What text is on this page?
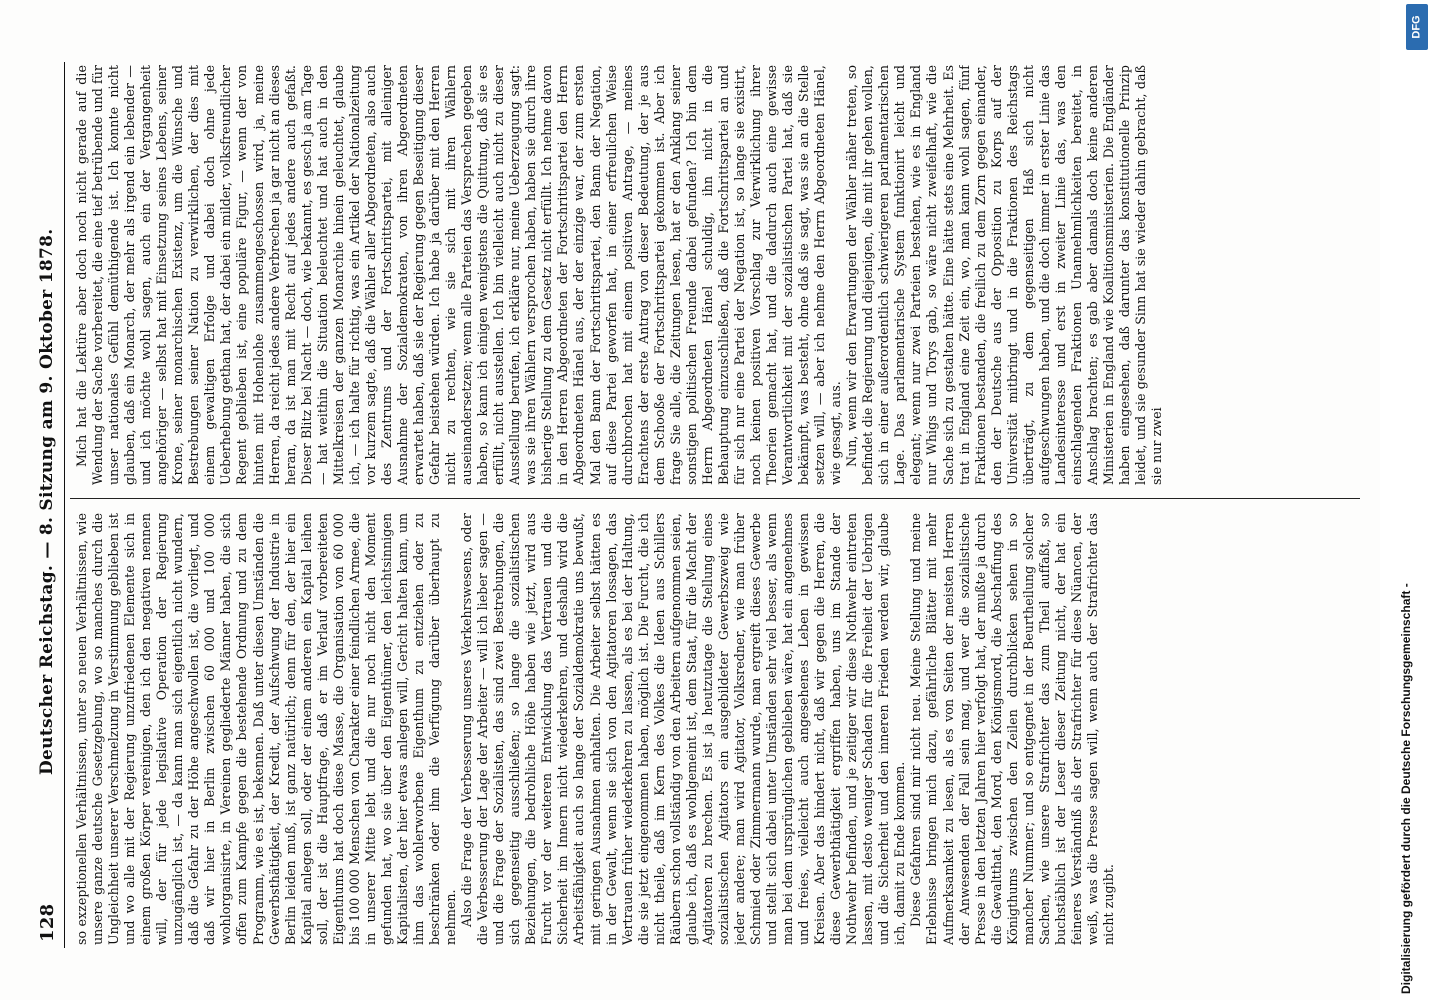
128
Deutscher Reichstag. — 8. Sitzung am 9. Oktober 1878. so exzeptionellen Verhältnissen, unter so neuen Verhältnissen, wie unsere ganze deutsche Gesetzgebung, wo so manches durch die Ungleichheit unserer Verschmelzung in Verstimmung geblieben ist und wo alle mit der Regierung unzufriedenen Elemente sich in einem großen Körper vereinigen, den ich den negativen nennen will, der für jede legislative Operation der Regierung unzugänglich ist, — da kann man sich eigentlich nicht wundern, daß die Gefahr zu der Höhe angeschwollen ist, die vorliegt, und daß wir hier in Berlin zwischen 60 000 und 100 000 wohlorganisirte, in Vereinen gegliederte Männer haben, die sich offen zum Kampfe gegen die bestehende Ordnung und zu dem Programm, wie es ist, bekennen. Daß unter diesen Umständen die Gewerbsthätigkeit, der Kredit, der Aufschwung der Industrie in Berlin leiden muß, ist ganz natürlich; denn für den, der hier ein Kapital anlegen soll, oder der einem anderen ein Kapital leihen soll, der ist die Hauptfrage, daß er im Verlauf vorbereiteten Eigenthums hat doch diese Masse, die Organisation von 60 000 bis 100 000 Menschen von Charakter einer feindlichen Armee, die in unserer Mitte lebt und die nur noch nicht den Moment gefunden hat, wo sie über den Eigenthümer, den leichtsinnigen Kapitalisten, der hier etwas anlegen will, Gericht halten kann, um ihm das wohlerworbene Eigenthum zu entziehen oder zu beschränken oder ihm die Verfügung darüber überhaupt zu nehmen. Also die Frage der Verbesserung unseres Verkehrswesens, oder die Verbesserung der Lage der Arbeiter — will ich lieber sagen — und die Frage der Sozialisten, das sind zwei Bestrebungen, die sich gegenseitig ausschließen; so lange die sozialistischen Beziehungen, die bedrohliche Höhe haben wie jetzt, wird aus Furcht vor der weiteren Entwicklung das Vertrauen und die Sicherheit im Innern nicht wiederkehren, und deshalb wird die Arbeitsfähigkeit auch so lange der Sozialdemokratie uns bewußt, mit geringen Ausnahmen anhalten. Die Arbeiter selbst hätten es in der Gewalt, wenn sie sich von den Agitatoren lossagen, das Vertrauen früher wiederkehren zu lassen, als es bei der Haltung, die sie jetzt eingenommen haben, möglich ist. Die Furcht, die ich nicht theile, daß im Kern des Volkes die Ideen aus Schillers Räubern schon vollständig von den Arbeitern aufgenommen seien, glaube ich, daß es wohlgemeint ist, dem Staat, für die Macht der Agitatoren zu brechen. Es ist ja heutzutage die Stellung eines sozialistischen Agitators ein ausgebildeter Gewerbszweig wie jeder andere; man wird Agitator, Volksredner, wie man früher Schmied oder Zimmermann wurde, man ergreift dieses Gewerbe und stellt sich dabei unter Umständen sehr viel besser, als wenn man bei dem ursprünglichen geblieben wäre, hat ein angenehmes und freies, vielleicht auch angesehenes Leben in gewissen Kreisen. Aber das hindert nicht, daß wir gegen die Herren, die diese Gewerbthätigkeit ergriffen haben, uns im Stande der Nothwehr befinden, und je zeitiger wir diese Nothwehr eintreten lassen, mit desto weniger Schaden für die Freiheit der Uebrigen und die Sicherheit und den inneren Frieden werden wir, glaube ich, damit zu Ende kommen. Diese Gefahren sind mir nicht neu. Meine Stellung und meine Erlebnisse bringen mich dazu, gefährliche Blätter mit mehr Aufmerksamkeit zu lesen, als es von Seiten der meisten Herren der Anwesenden der Fall sein mag, und wer die sozialistische Presse in den letzten Jahren hier verfolgt hat, der mußte ja durch die Gewaltthat, den Mord, den Königsmord, die Abschaffung des Königthums zwischen den Zeilen durchblicken sehen in so mancher Nummer; und so entgegnet in der Beurtheilung solcher Sachen, wie unsere Strafrichter das zum Theil auffaßt, so buchstäblich ist der Leser dieser Zeitung nicht, der hat ein feineres Verständniß als der Strafrichter für diese Nüancen, der weiß, was die Presse sagen will, wenn auch der Strafrichter das nicht zugibt.

Mich hat die Lektüre aber doch noch nicht gerade auf die Wendung der Sache vorbereitet, die eine tief betrübende und für unser nationales Gefühl demüthigende ist. Ich konnte nicht glauben, daß ein Monarch, der mehr als irgend ein lebender — und ich möchte wohl sagen, auch ein der Vergangenheit angehöriger — selbst hat mit Einsetzung seines Lebens, seiner Krone, seiner monarchischen Existenz, um die Wünsche und Bestrebungen seiner Nation zu verwirklichen, der dies mit einem gewaltigen Erfolge und dabei doch ohne jede Ueberhebung gethan hat, der dabei ein milder, volksfreundlicher Regent geblieben ist, eine populäre Figur, — wenn der von hinten mit Hohenlohe zusammengeschossen wird, ja, meine Herren, da reicht jedes andere Verbrechen ja gar nicht an dieses heran, da ist man mit Recht auf jedes andere auch gefaßt. Dieser Blitz bei Nacht — doch, wie bekannt, es gesch ja am Tage — hat weithin die Situation beleuchtet und hat auch in den Mittelkreisen der ganzen Monarchie hinein geleuchtet, glaube ich, — ich halte für richtig, was ein Artikel der Nationalzeitung vor kurzem sagte, daß die Wähler aller Abgeordneten, also auch des Zentrums und der Fortschrittspartei, mit alleiniger Ausnahme der Sozialdemokraten, von ihren Abgeordneten erwartet haben, daß sie der Regierung gegen Beseitigung dieser Gefahr beistehen würden. Ich habe ja darüber mit den Herren nicht zu rechten, wie sie sich mit ihren Wählern auseinandersetzen; wenn alle Parteien das Versprechen gegeben haben, so kann ich einigen wenigstens die Quittung, daß sie es erfüllt, nicht ausstellen. Ich bin vielleicht auch nicht zu dieser Ausstellung berufen, ich erkläre nur, meine Ueberzeugung sagt: was sie ihren Wählern versprochen haben, haben sie durch ihre bisherige Stellung zu dem Gesetz nicht erfüllt. Ich nehme davon in den Herren Abgeordneten der Fortschrittspartei den Herrn Abgeordneten Hänel aus, der der einzige war, der zum ersten Mal den Bann der Fortschrittspartei, den Bann der Negation, auf diese Partei geworfen hat, in einer erfreulichen Weise durchbrochen hat mit einem positiven Antrage, — meines Erachtens der erste Antrag von dieser Bedeutung, der je aus dem Schooße der Fortschrittspartei gekommen ist. Aber ich frage Sie alle, die Zeitungen lesen, hat er den Anklang seiner sonstigen politischen Freunde dabei gefunden? Ich bin dem Herrn Abgeordneten Hänel schuldig, ihn nicht in die Behauptung einzuschließen, daß die Fortschrittspartei an und für sich nur eine Partei der Negation ist, so lange sie existirt, noch keinen positiven Vorschlag zur Verwirklichung ihrer Theorien gemacht hat, und die dadurch auch eine gewisse Verantwortlichkeit mit der sozialistischen Partei hat, daß sie bekämpft, was besteht, ohne daß sie sagt, was sie an die Stelle setzen will, — aber ich nehme den Herrn Abgeordneten Hänel, wie gesagt, aus. Nun, wenn wir den Erwartungen der Wähler näher treten, so befindet die Regierung und diejenigen, die mit ihr gehen wollen, sich in einer außerordentlich schwierigeren parlamentarischen Lage. Das parlamentarische System funktionirt leicht und elegant; wenn nur zwei Parteien bestehen, wie es in England nur Whigs und Torys gab, so wäre nicht zweifelhaft, wie die Sache sich zu gestalten hätte. Eine hätte stets eine Mehrheit. Es trat in England eine Zeit ein, wo, man kann wohl sagen, fünf Fraktionen bestanden, die freilich zu dem Zorn gegen einander, den der Deutsche aus der Opposition zu Korps auf der Universität mitbringt und in die Fraktionen des Reichstags überträgt, zu dem gegenseitigen Haß sich nicht aufgeschwungen haben, und die doch immer in erster Linie das Landesinteresse und erst in zweiter Linie das, was den einschlagenden Fraktionen Unannehmlichkeiten bereitet, in Anschlag brachten; es gab aber damals doch keine anderen Ministerien in England wie Koalitionsministerien. Die Engländer haben eingesehen, daß darunter das konstitutionelle Prinzip leidet, und sie gesunder Sinn hat sie wieder dahin gebracht, daß sie nur zwei

Digitalisierung gefördert durch die Deutsche Forschungsgemeinschaft -
DFG
